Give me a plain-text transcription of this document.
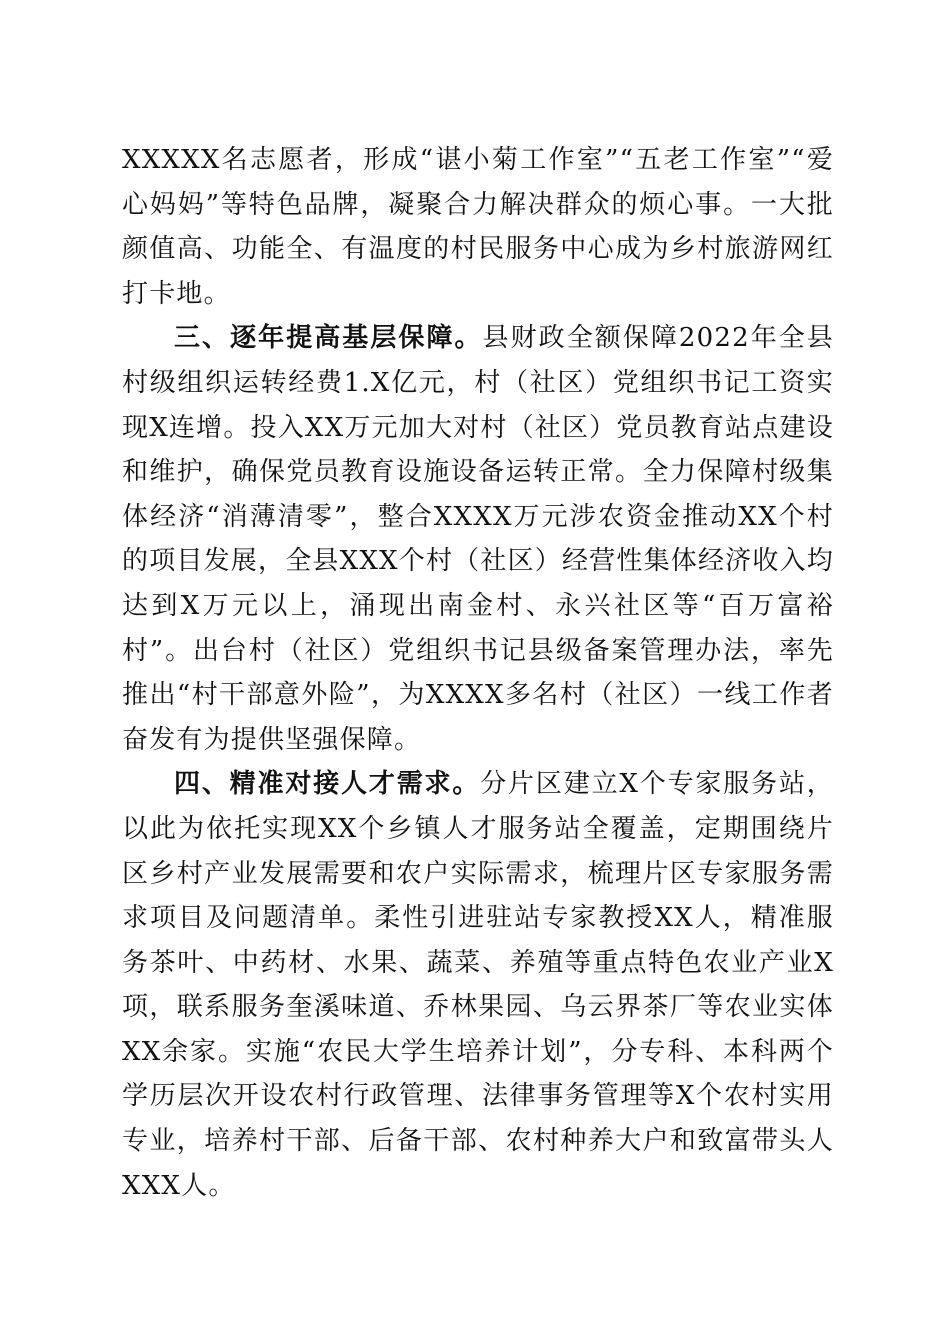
XXXXX名志愿者，形成“谌小菊工作室”“五老工作室”“爱心妈妈”等特色品牌，凝聚合力解决群众的烦心事。一大批颜值高、功能全、有温度的村民服务中心成为乡村旅游网红打卡地。

三、逐年提高基层保障。县财政全额保障2022年全县村级组织运转经费1.X亿元，村（社区）党组织书记工资实现X连增。投入XX万元加大对村（社区）党员教育站点建设和维护，确保党员教育设施设备运转正常。全力保障村级集体经济“消薄清零”，整合XXXX万元涉农资金推动XX个村的项目发展，全县XXX个村（社区）经营性集体经济收入均达到X万元以上，涌现出南金村、永兴社区等“百万富裕村”。出台村（社区）党组织书记县级备案管理办法，率先推出“村干部意外险”，为XXXX多名村（社区）一线工作者奋发有为提供坚强保障。

四、精准对接人才需求。分片区建立X个专家服务站，以此为依托实现XX个乡镇人才服务站全覆盖，定期围绕片区乡村产业发展需要和农户实际需求，梳理片区专家服务需求项目及问题清单。柔性引进驻站专家教授XX人，精准服务茶叶、中药材、水果、蔬菜、养殖等重点特色农业产业X项，联系服务奎溪味道、乔林果园、乌云界茶厂等农业实体XX余家。实施“农民大学生培养计划”，分专科、本科两个学历层次开设农村行政管理、法律事务管理等X个农村实用专业，培养村干部、后备干部、农村种养大户和致富带头人XXX人。
